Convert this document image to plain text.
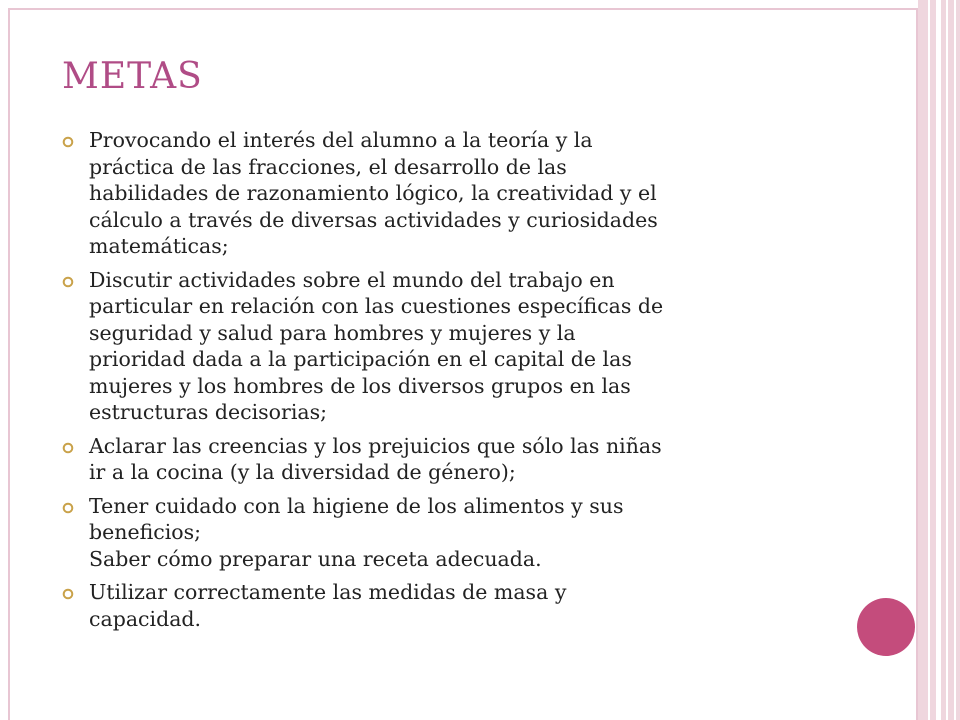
METAS
Provocando el interés del alumno a la teoría y la
práctica de las fracciones, el desarrollo de las
habilidades de razonamiento lógico, la creatividad y el
cálculo a través de diversas actividades y curiosidades
matemáticas;
Discutir actividades sobre el mundo del trabajo en
particular en relación con las cuestiones específicas de
seguridad y salud para hombres y mujeres y la
prioridad dada a la participación en el capital de las
mujeres y los hombres de los diversos grupos en las
estructuras decisorias;
Aclarar las creencias y los prejuicios que sólo las niñas
ir a la cocina (y la diversidad de género);
Tener cuidado con la higiene de los alimentos y sus
beneficios;
Saber cómo preparar una receta adecuada.
Utilizar correctamente las medidas de masa y
capacidad.
